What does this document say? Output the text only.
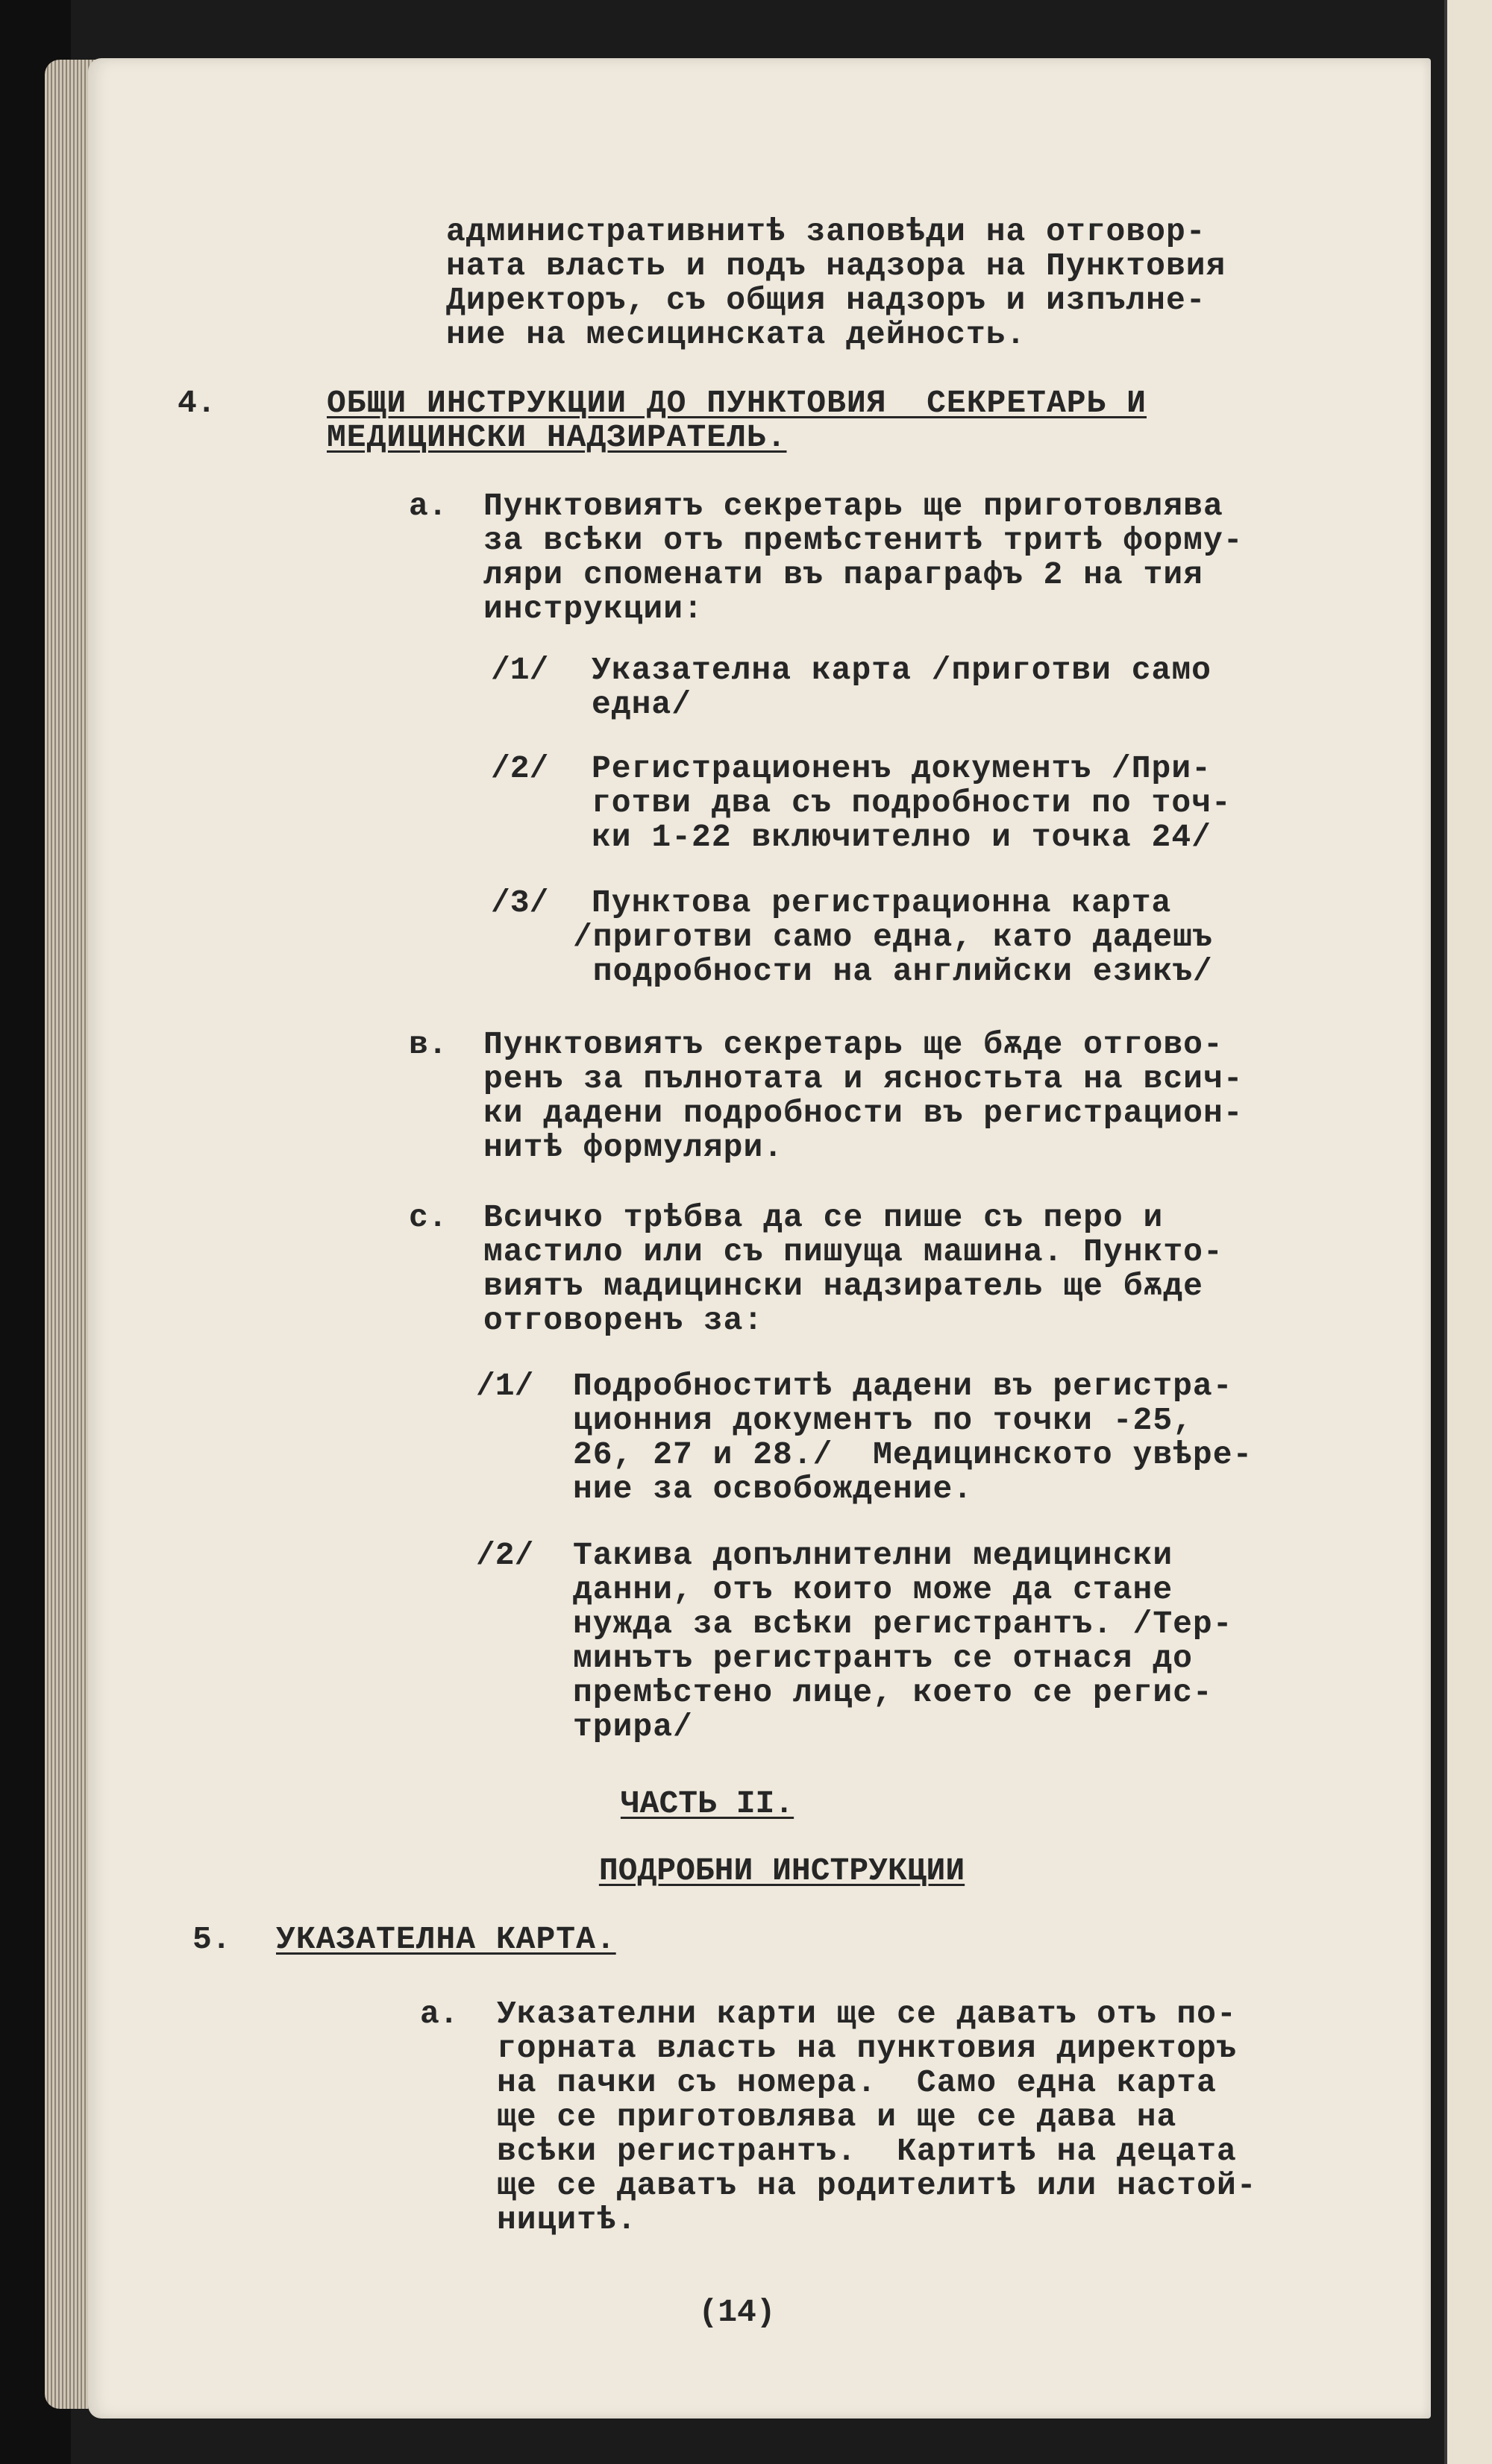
административнитѣ заповѣди на отговор-
ната власть и подъ надзора на Пунктовия
Директоръ, съ общия надзоръ и изпълне-
ние на месицинската дейность.
4.	ОБЩИ ИНСТРУКЦИИ ДО ПУНКТОВИЯ  СЕКРЕТАРЬ И
МЕДИЦИНСКИ НАДЗИРАТЕЛЬ.
a. Пунктовиятъ секретарь ще приготовлява
за всѣки отъ премѣстенитѣ тритѣ форму-
ляри споменати въ параграфъ 2 на тия
инструкции:
/1/ Указателна карта /приготви само
една/
/2/ Регистрационенъ документъ /При-
готви два съ подробности по точ-
ки 1-22 включително и точка 24/
/3/	Пунктова регистрационна карта
/приготви само една, като дадешъ
подробности на английски езикъ/
в. Пунктовиятъ секретарь ще бѫде отгово-
ренъ за пълнотата и ясностьта на всич-
ки дадени подробности въ регистрацион-
нитѣ формуляри.
с. Всичко трѣбва да се пише съ перо и
мастило или съ пишуща машина. Пункто-
виятъ мадицински надзиратель ще бѫде
отговоренъ за:
/1/ Подробноститѣ дадени въ регистра-
ционния документъ по точки -25,
26, 27 и 28./  Медицинското увѣре-
ние за освобождение.
/2/ Такива допълнителни медицински
данни, отъ които може да стане
нужда за всѣки регистрантъ. /Тер-
минътъ регистрантъ се отнася до
премѣстено лице, което се регис-
трира/
ЧАСТЬ II.
ПОДРОБНИ ИНСТРУКЦИИ
5. УКАЗАТЕЛНА КАРТА.
a. Указателни карти ще се даватъ отъ по-
горната власть на пунктовия директоръ
на пачки съ номера.  Само една карта
ще се приготовлява и ще се дава на
всѣки регистрантъ.  Картитѣ на децата
ще се даватъ на родителитѣ или настой-
ницитѣ.
(14)
